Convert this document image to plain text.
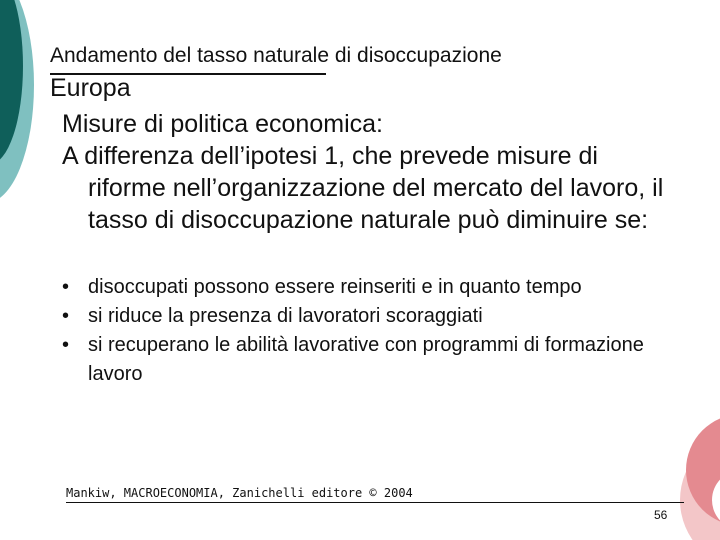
Andamento del tasso naturale di disoccupazione
Europa

Misure di politica economica:

A differenza dell’ipotesi 1, che prevede misure di riforme nell’organizzazione del mercato del lavoro, il tasso di disoccupazione naturale può diminuire se:

• disoccupati possono essere reinseriti e in quanto tempo
• si riduce la presenza di lavoratori scoraggiati
• si recuperano le abilità lavorative con programmi di formazione lavoro
Mankiw, MACROECONOMIA, Zanichelli editore © 2004
56
